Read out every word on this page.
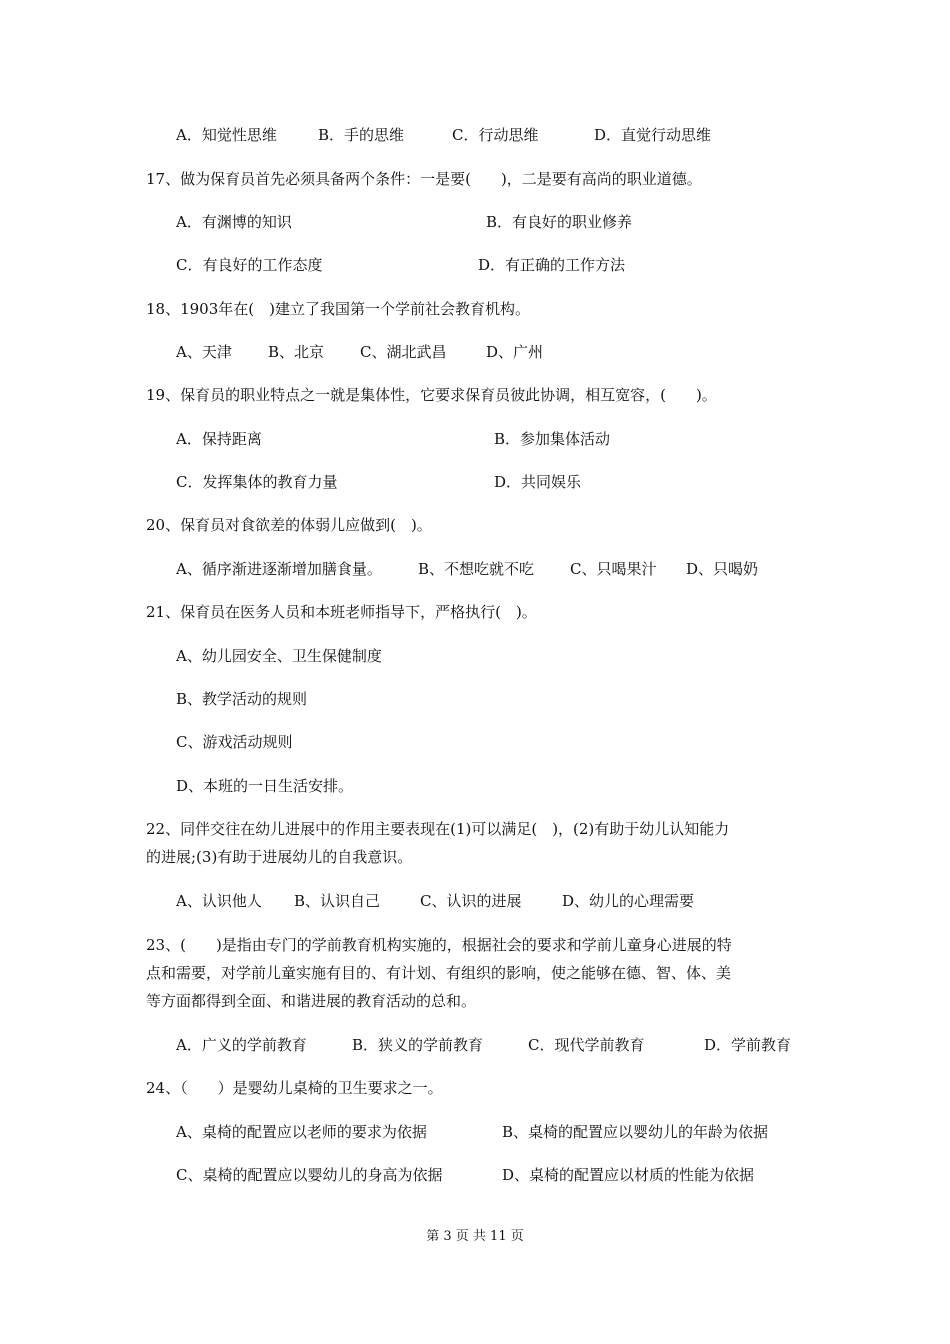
A．知觉性思维	B．手的思维	C．行动思维	D．直觉行动思维
17、做为保育员首先必须具备两个条件：一是要(　　)，二是要有高尚的职业道德。
A．有渊博的知识	B．有良好的职业修养
C．有良好的工作态度	D．有正确的工作方法
18、1903年在(　)建立了我国第一个学前社会教育机构。
A、天津 B、北京 C、湖北武昌	D、广州
19、保育员的职业特点之一就是集体性，它要求保育员彼此协调，相互宽容，(　　)。
A．保持距离	B．参加集体活动
C．发挥集体的教育力量	D．共同娱乐
20、保育员对食欲差的体弱儿应做到(　)。
A、循序渐进逐渐增加膳食量。 B、不想吃就不吃 C、只喝果汁 D、只喝奶
21、保育员在医务人员和本班老师指导下，严格执行(　)。
A、幼儿园安全、卫生保健制度
B、教学活动的规则
C、游戏活动规则
D、本班的一日生活安排。
22、同伴交往在幼儿进展中的作用主要表现在(1)可以满足(　)，(2)有助于幼儿认知能力
的进展;(3)有助于进展幼儿的自我意识。
A、认识他人 B、认识自己	C、认识的进展	D、幼儿的心理需要
23、(　　)是指由专门的学前教育机构实施的，根据社会的要求和学前儿童身心进展的特
点和需要，对学前儿童实施有目的、有计划、有组织的影响，使之能够在德、智、体、美
等方面都得到全面、和谐进展的教育活动的总和。
A．广义的学前教育	B．狭义的学前教育	C．现代学前教育	D．学前教育
24、（　　）是婴幼儿桌椅的卫生要求之一。
A、桌椅的配置应以老师的要求为依据	B、桌椅的配置应以婴幼儿的年龄为依据
C、桌椅的配置应以婴幼儿的身高为依据	D、桌椅的配置应以材质的性能为依据
第 3 页 共 11 页
